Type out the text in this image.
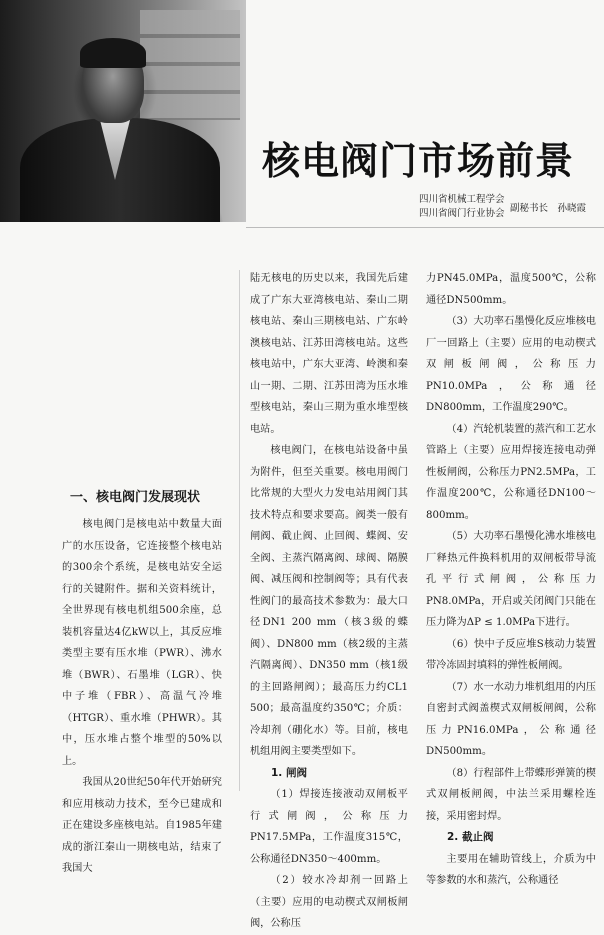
核电阀门市场前景
四川省机械工程学会
四川省阀门行业协会 副秘书长　孙晓霞
一、核电阀门发展现状

核电阀门是核电站中数量大面广的水压设备，它连接整个核电站的300余个系统，是核电站安全运行的关键附件。据和关资料统计，全世界现有核电机组500余座，总装机容量达4亿kW以上，其反应堆类型主要有压水堆（PWR）、沸水堆（BWR）、石墨堆（LGR）、快中子堆（FBR）、高温气冷堆（HTGR）、重水堆（PHWR）。其中，压水堆占整个堆型的50%以上。

我国从20世纪50年代开始研究和应用核动力技术，至今已建成和正在建设多座核电站。自1985年建成的浙江秦山一期核电站，结束了我国大

陆无核电的历史以来，我国先后建成了广东大亚湾核电站、秦山二期核电站、秦山三期核电站、广东岭澳核电站、江苏田湾核电站。这些核电站中，广东大亚湾、岭澳和秦山一期、二期、江苏田湾为压水堆型核电站，秦山三期为重水堆型核电站。

核电阀门，在核电站设备中虽为附件，但至关重要。核电用阀门比常规的大型火力发电站用阀门其技术特点和要求要高。阀类一般有闸阀、截止阀、止回阀、蝶阀、安全阀、主蒸汽隔离阀、球阀、隔膜阀、减压阀和控制阀等；具有代表性阀门的最高技术参数为：最大口径DN1 200 mm（核3级的蝶阀）、DN800 mm（核2级的主蒸汽隔离阀）、DN350 mm（核1级的主回路闸阀）；最高压力约CL1 500；最高温度约350℃；介质：冷却剂（硼化水）等。目前，核电机组用阀主要类型如下。

1. 闸阀

（1）焊接连接液动双闸板平行式闸阀，公称压力PN17.5MPa，工作温度315℃，公称通径DN350～400mm。

（2）较水冷却剂一回路上（主要）应用的电动楔式双闸板闸阀，公称压

力PN45.0MPa，温度500℃，公称通径DN500mm。

（3）大功率石墨慢化反应堆核电厂一回路上（主要）应用的电动楔式双闸板闸阀，公称压力PN10.0MPa，公称通径DN800mm，工作温度290℃。

（4）汽轮机装置的蒸汽和工艺水管路上（主要）应用焊接连接电动弹性板闸阀，公称压力PN2.5MPa，工作温度200℃，公称通径DN100～800mm。

（5）大功率石墨慢化沸水堆核电厂释热元件换料机用的双闸板带导流孔平行式闸阀，公称压力PN8.0MPa，开启或关闭阀门只能在压力降为ΔP ≤ 1.0MPa下进行。

（6）快中子反应堆S核动力装置带冷冻固封填料的弹性板闸阀。

（7）水一水动力堆机组用的内压自密封式阀盖楔式双闸板闸阀，公称压力PN16.0MPa，公称通径DN500mm。

（8）行程部件上带蝶形弹簧的楔式双闸板闸阀，中法兰采用螺栓连接，采用密封焊。

2. 截止阀

主要用在辅助管线上，介质为中等参数的水和蒸汽，公称通径
